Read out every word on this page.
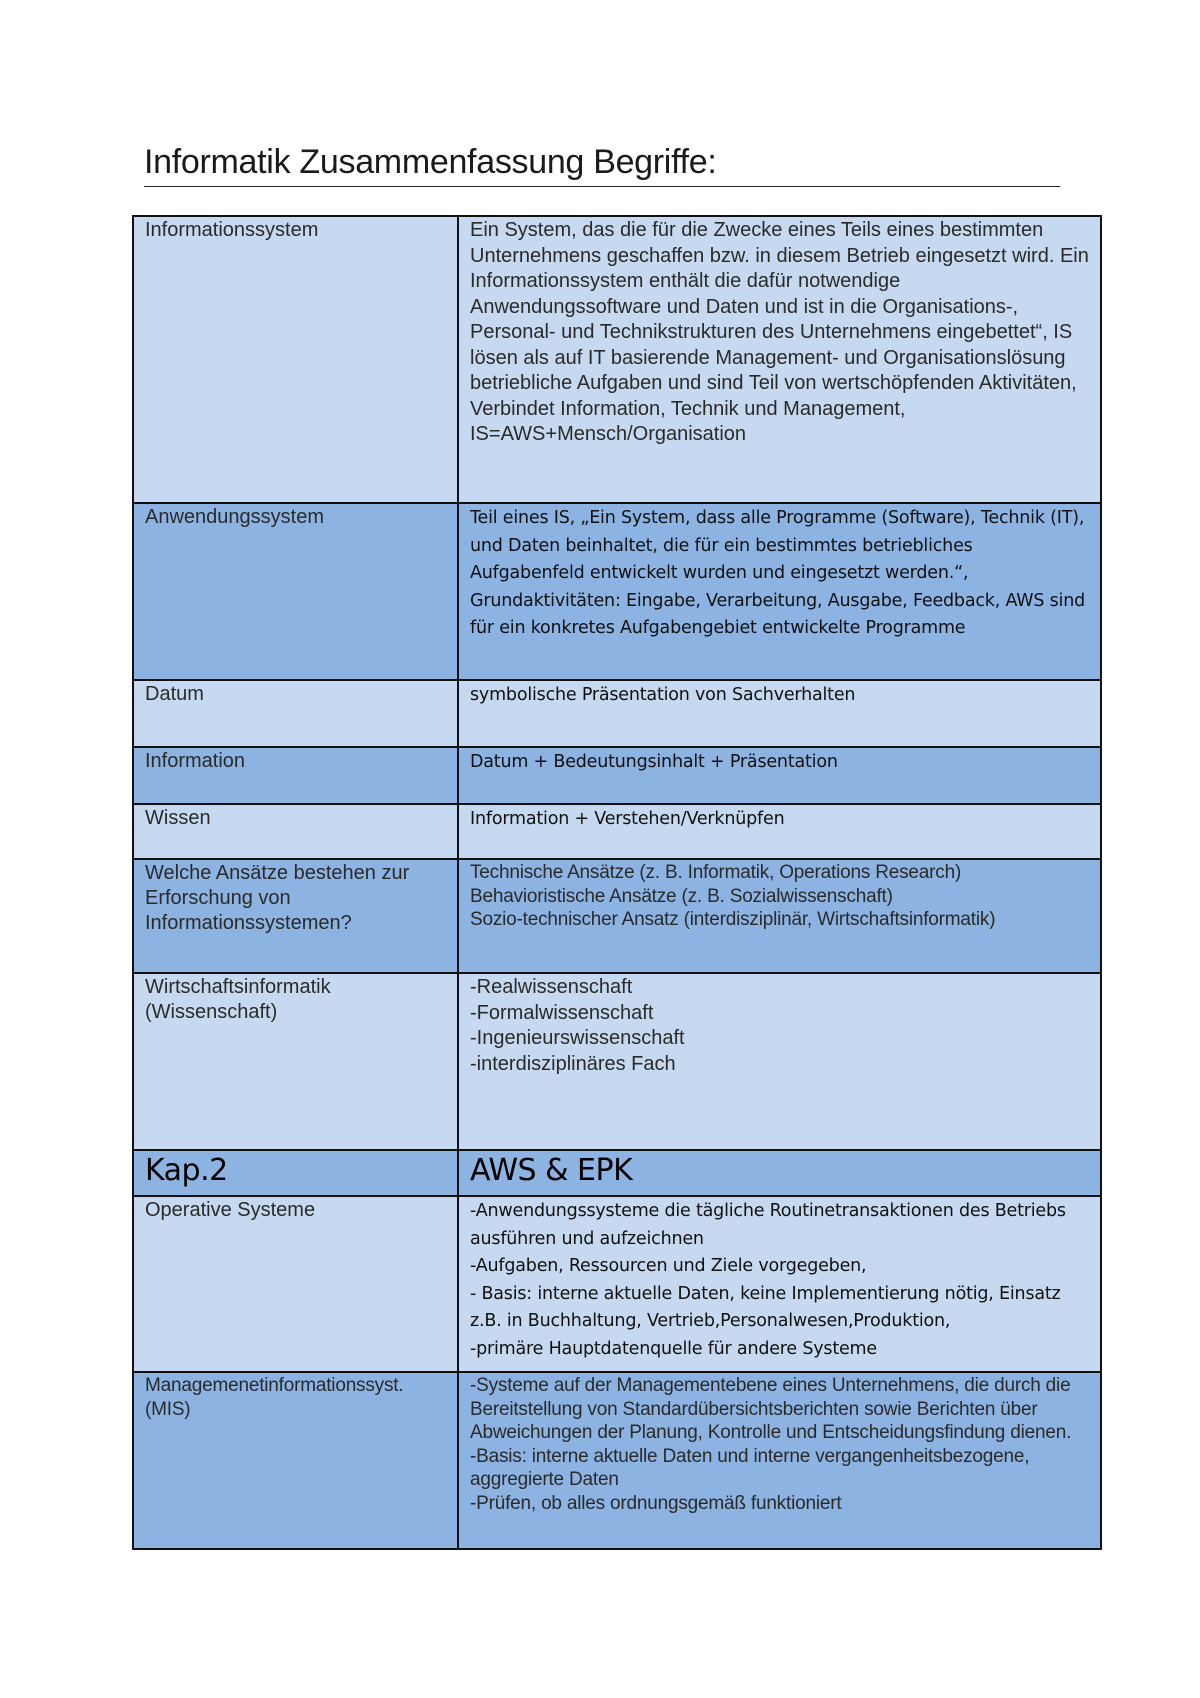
Informatik Zusammenfassung Begriffe:
Informationssystem	Ein System, das die für die Zwecke eines Teils eines bestimmten Unternehmens geschaffen bzw. in diesem Betrieb eingesetzt wird. Ein Informationssystem enthält die dafür notwendige Anwendungssoftware und Daten und ist in die Organisations-, Personal- und Technikstrukturen des Unternehmens eingebettet“, IS lösen als auf IT basierende Management- und Organisationslösung betriebliche Aufgaben und sind Teil von wertschöpfenden Aktivitäten, Verbindet Information, Technik und Management, IS=AWS+Mensch/Organisation

Anwendungssystem	Teil eines IS, „Ein System, dass alle Programme (Software), Technik (IT), und Daten beinhaltet, die für ein bestimmtes betriebliches Aufgabenfeld entwickelt wurden und eingesetzt werden.“, Grundaktivitäten: Eingabe, Verarbeitung, Ausgabe, Feedback, AWS sind für ein konkretes Aufgabengebiet entwickelte Programme

Datum	symbolische Präsentation von Sachverhalten

Information	Datum + Bedeutungsinhalt + Präsentation

Wissen	Information + Verstehen/Verknüpfen

Welche Ansätze bestehen zur Erforschung von Informationssystemen?	Technische Ansätze (z. B. Informatik, Operations Research)
Behavioristische Ansätze (z. B. Sozialwissenschaft)
Sozio-technischer Ansatz (interdisziplinär, Wirtschaftsinformatik)

Wirtschaftsinformatik (Wissenschaft)	-Realwissenschaft
-Formalwissenschaft
-Ingenieurswissenschaft
-interdisziplinäres Fach

Kap.2	AWS & EPK
Operative Systeme	-Anwendungssysteme die tägliche Routinetransaktionen des Betriebs ausführen und aufzeichnen
-Aufgaben, Ressourcen und Ziele vorgegeben,
- Basis: interne aktuelle Daten, keine Implementierung nötig, Einsatz z.B. in Buchhaltung, Vertrieb,Personalwesen,Produktion,
-primäre Hauptdatenquelle für andere Systeme

Managemenetinformationssyst. (MIS)	-Systeme auf der Managementebene eines Unternehmens, die durch die Bereitstellung von Standardübersichtsberichten sowie Berichten über Abweichungen der Planung, Kontrolle und Entscheidungsfindung dienen.
-Basis: interne aktuelle Daten und interne vergangenheitsbezogene, aggregierte Daten
-Prüfen, ob alles ordnungsgemäß funktioniert
